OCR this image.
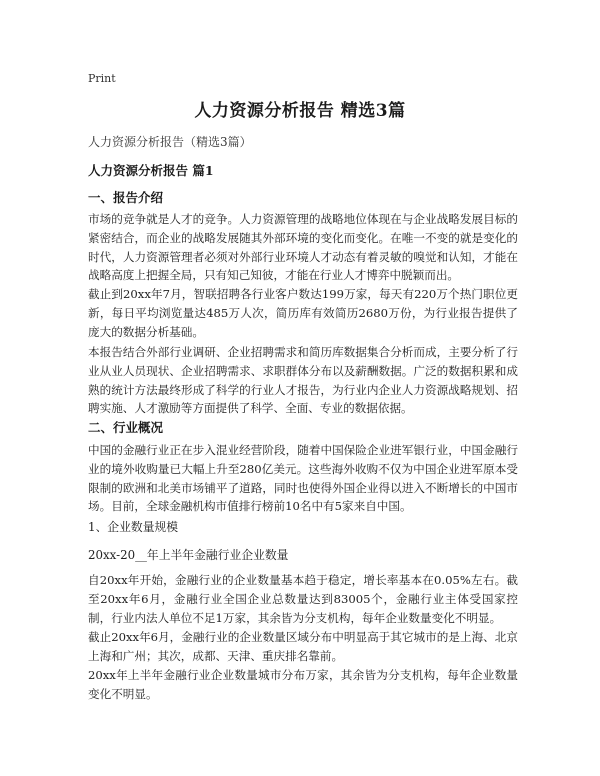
Print
人力资源分析报告 精选3篇
人力资源分析报告（精选3篇）
人力资源分析报告 篇1
一、报告介绍

市场的竞争就是人才的竞争。人力资源管理的战略地位体现在与企业战略发展目标的紧密结合，而企业的战略发展随其外部环境的变化而变化。在唯一不变的就是变化的时代，人力资源管理者必须对外部行业环境人才动态有着灵敏的嗅觉和认知，才能在战略高度上把握全局，只有知己知彼，才能在行业人才博弈中脱颖而出。

截止到20xx年7月，智联招聘各行业客户数达199万家，每天有220万个热门职位更新，每日平均浏览量达485万人次，简历库有效简历2680万份，为行业报告提供了庞大的数据分析基础。

本报告结合外部行业调研、企业招聘需求和简历库数据集合分析而成，主要分析了行业从业人员现状、企业招聘需求、求职群体分布以及薪酬数据。广泛的数据积累和成熟的统计方法最终形成了科学的行业人才报告，为行业内企业人力资源战略规划、招聘实施、人才激励等方面提供了科学、全面、专业的数据依据。

二、行业概况

中国的金融行业正在步入混业经营阶段，随着中国保险企业进军银行业，中国金融行业的境外收购量已大幅上升至280亿美元。这些海外收购不仅为中国企业进军原本受限制的欧洲和北美市场铺平了道路，同时也使得外国企业得以进入不断增长的中国市场。目前，全球金融机构市值排行榜前10名中有5家来自中国。

1、企业数量规模
20xx-20__年上半年金融行业企业数量

自20xx年开始，金融行业的企业数量基本趋于稳定，增长率基本在0.05%左右。截至20xx年6月，金融行业全国企业总数量达到83005个，金融行业主体受国家控制，行业内法人单位不足1万家，其余皆为分支机构，每年企业数量变化不明显。

截止20xx年6月，金融行业的企业数量区域分布中明显高于其它城市的是上海、北京上海和广州；其次，成都、天津、重庆排名靠前。

20xx年上半年金融行业企业数量城市分布万家，其余皆为分支机构，每年企业数量变化不明显。
